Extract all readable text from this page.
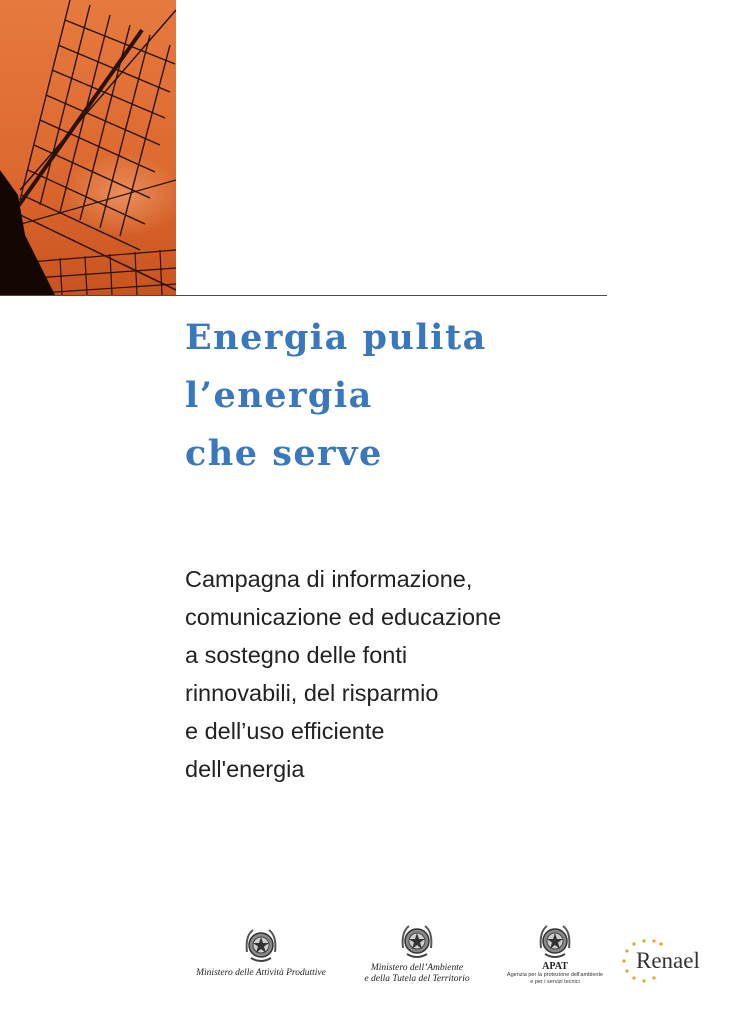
Energia pulita
l’energia
che serve
Campagna di informazione,
comunicazione ed educazione
a sostegno delle fonti
rinnovabili, del risparmio
e dell’uso efficiente
dell'energia
Ministero delle Attività Produttive	Ministero dell’Ambiente
e della Tutela del Territorio
APAT
Agenzia per la protezione dell'ambiente
e per i servizi tecnici
Renael
